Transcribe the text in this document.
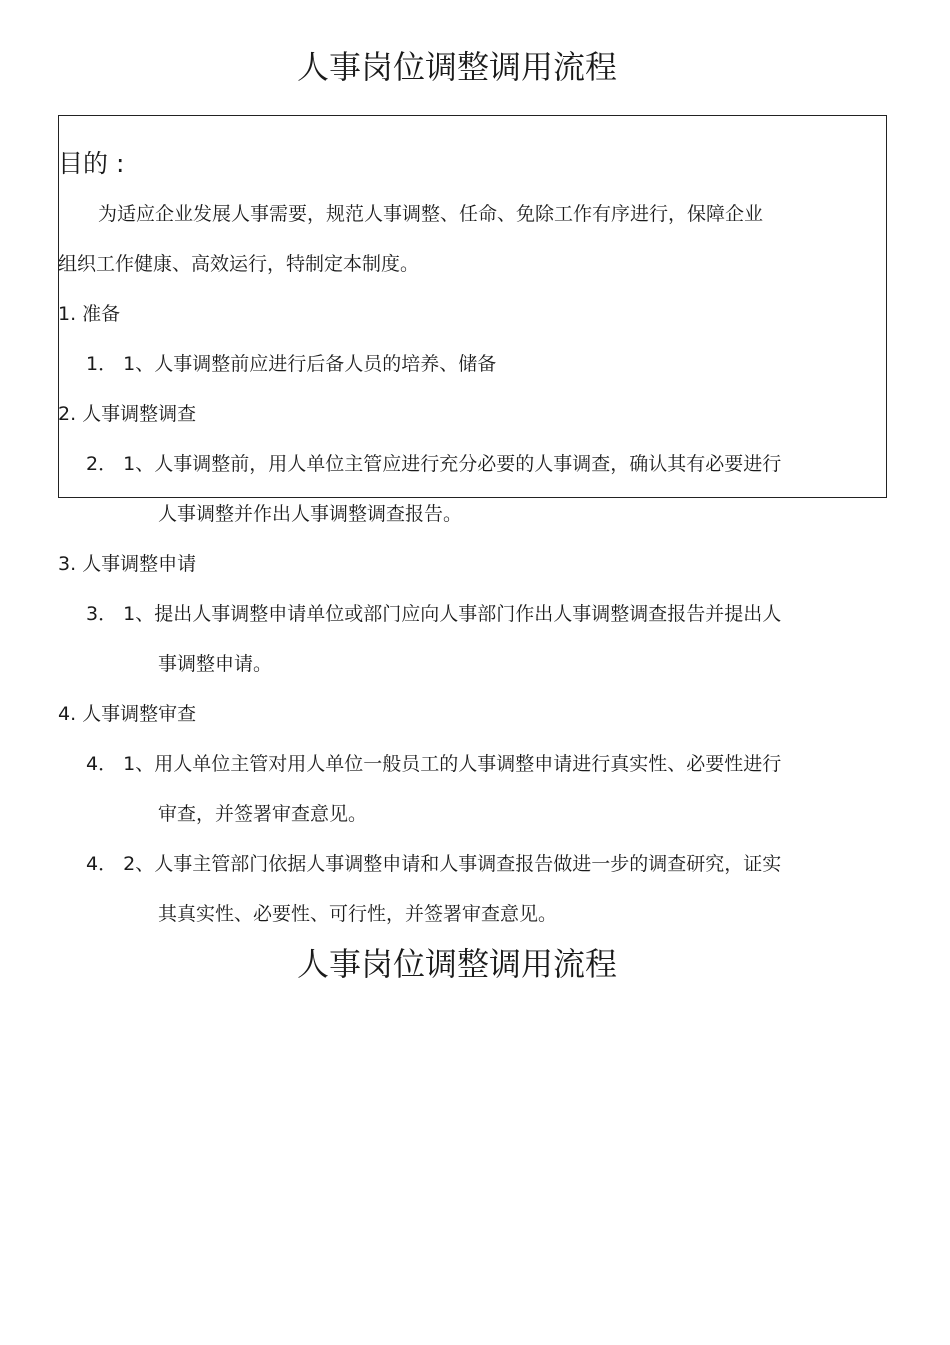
人事岗位调整调用流程
目的 :
为适应企业发展人事需要，规范人事调整、任命、免除工作有序进行，保障企业
组织工作健康、高效运行，特制定本制度。
1. 准备
1． 1、人事调整前应进行后备人员的培养、储备
2. 人事调整调查
2． 1、人事调整前，用人单位主管应进行充分必要的人事调查，确认其有必要进行
人事调整并作出人事调整调查报告。
3. 人事调整申请
3． 1、提出人事调整申请单位或部门应向人事部门作出人事调整调查报告并提出人
事调整申请。
4. 人事调整审查
4． 1、用人单位主管对用人单位一般员工的人事调整申请进行真实性、必要性进行
审查，并签署审查意见。
4． 2、人事主管部门依据人事调整申请和人事调查报告做进一步的调查研究，证实
其真实性、必要性、可行性，并签署审查意见。
人事岗位调整调用流程
